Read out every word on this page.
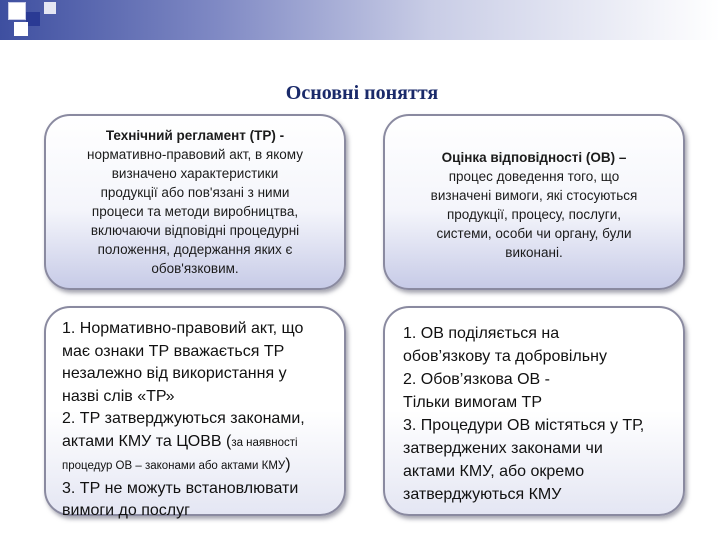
Основні поняття
Технічний регламент (ТР) -
нормативно-правовий акт, в якому
визначено характеристики
продукції або пов'язані з ними
процеси та методи виробництва,
включаючи відповідні процедурні
положення, додержання яких є
обов'язковим.
Оцінка відповідності (ОВ) –
процес доведення того, що
визначені вимоги, які стосуються
продукції, процесу, послуги,
системи, особи чи органу, були
виконані.
1. Нормативно-правовий акт, що
має ознаки ТР вважається ТР
незалежно від використання у
назві слів «ТР»
2. ТР затверджуються законами,
актами КМУ та ЦОВВ (за наявності
процедур ОВ – законами або актами КМУ)
3. ТР не можуть встановлювати
вимоги до послуг
1. ОВ поділяється на
обов’язкову та добровільну
2. Обов’язкова ОВ -
Тільки вимогам ТР
3. Процедури ОВ містяться у ТР,
затверджених законами чи
актами КМУ, або окремо
затверджуються КМУ
